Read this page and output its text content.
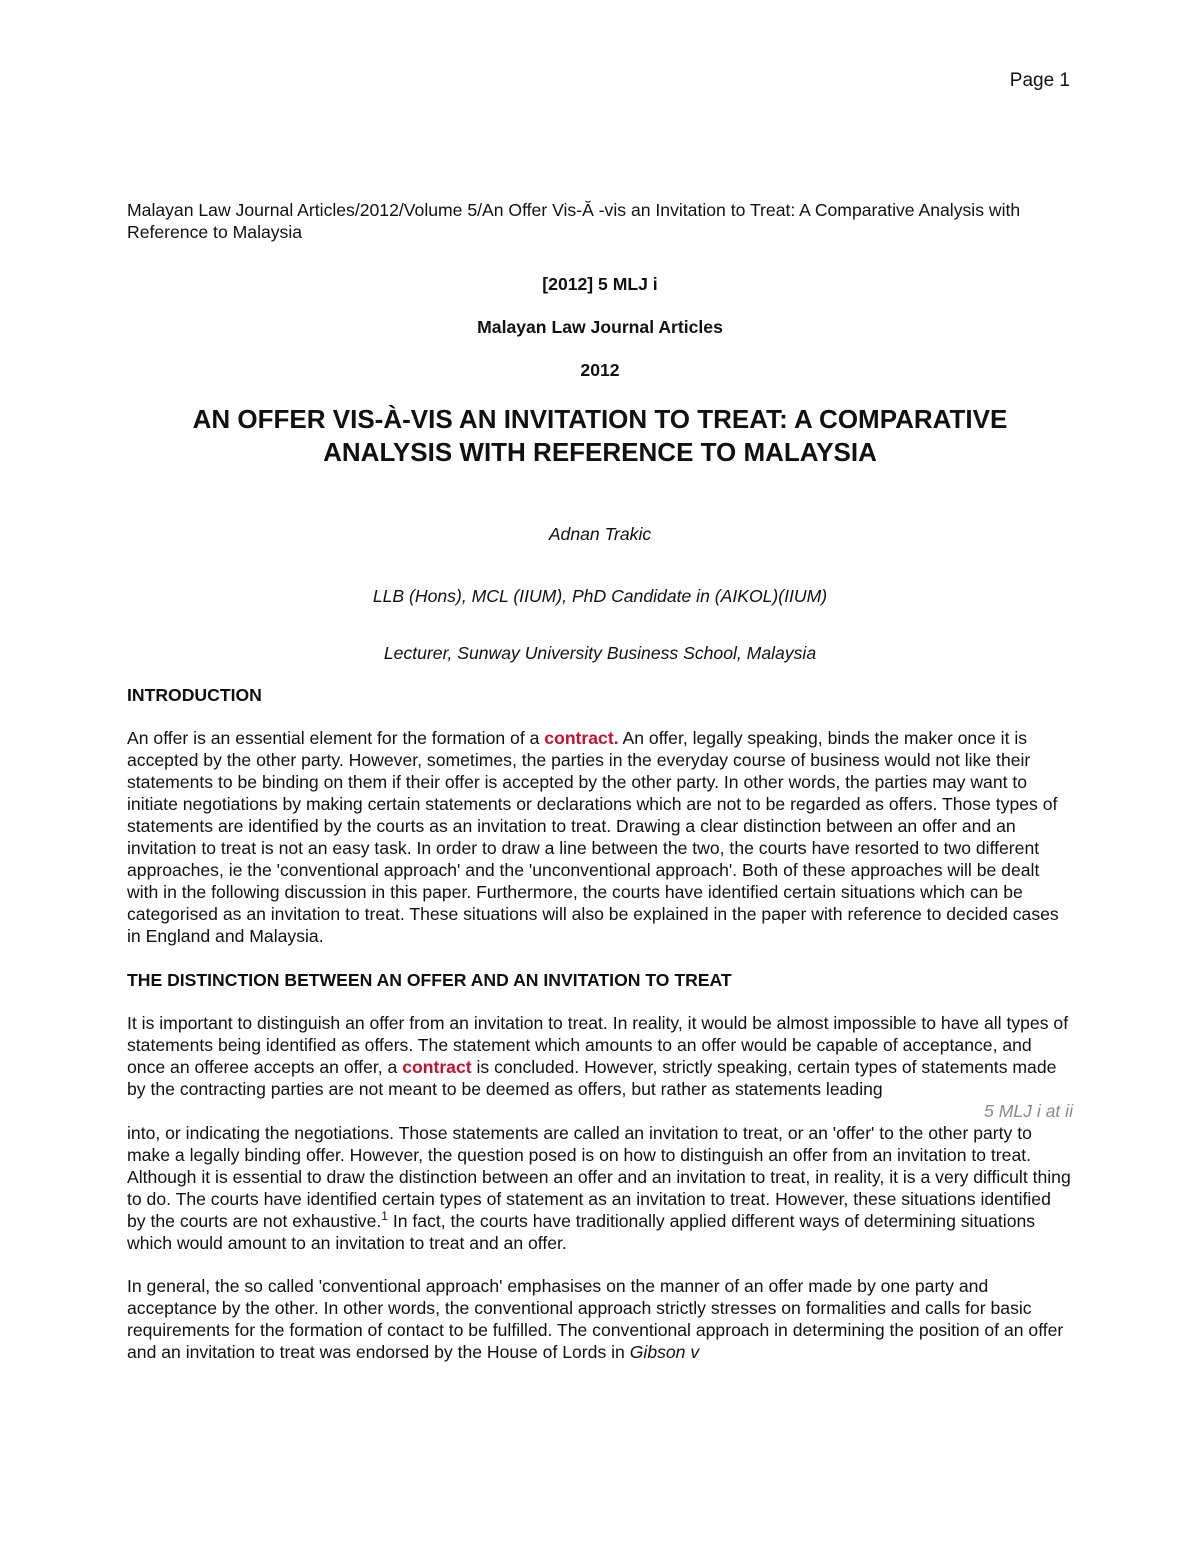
Page 1

Malayan Law Journal Articles/2012/Volume 5/An Offer Vis-Ă -vis an Invitation to Treat: A Comparative Analysis with Reference to Malaysia

[2012] 5 MLJ i

Malayan Law Journal Articles

2012

AN OFFER VIS-À-VIS AN INVITATION TO TREAT: A COMPARATIVE
ANALYSIS WITH REFERENCE TO MALAYSIA

Adnan Trakic

LLB (Hons), MCL (IIUM), PhD Candidate in (AIKOL)(IIUM)

Lecturer, Sunway University Business School, Malaysia

INTRODUCTION

An offer is an essential element for the formation of a contract. An offer, legally speaking, binds the maker once it is accepted by the other party. However, sometimes, the parties in the everyday course of business would not like their statements to be binding on them if their offer is accepted by the other party. In other words, the parties may want to initiate negotiations by making certain statements or declarations which are not to be regarded as offers. Those types of statements are identified by the courts as an invitation to treat. Drawing a clear distinction between an offer and an invitation to treat is not an easy task. In order to draw a line between the two, the courts have resorted to two different approaches, ie the 'conventional approach' and the 'unconventional approach'. Both of these approaches will be dealt with in the following discussion in this paper. Furthermore, the courts have identified certain situations which can be categorised as an invitation to treat. These situations will also be explained in the paper with reference to decided cases in England and Malaysia.

THE DISTINCTION BETWEEN AN OFFER AND AN INVITATION TO TREAT

It is important to distinguish an offer from an invitation to treat. In reality, it would be almost impossible to have all types of statements being identified as offers. The statement which amounts to an offer would be capable of acceptance, and once an offeree accepts an offer, a contract is concluded. However, strictly speaking, certain types of statements made by the contracting parties are not meant to be deemed as offers, but rather as statements leading

5 MLJ i at ii

into, or indicating the negotiations. Those statements are called an invitation to treat, or an 'offer' to the other party to make a legally binding offer. However, the question posed is on how to distinguish an offer from an invitation to treat. Although it is essential to draw the distinction between an offer and an invitation to treat, in reality, it is a very difficult thing to do. The courts have identified certain types of statement as an invitation to treat. However, these situations identified by the courts are not exhaustive.$^1$ In fact, the courts have traditionally applied different ways of determining situations which would amount to an invitation to treat and an offer.

In general, the so called 'conventional approach' emphasises on the manner of an offer made by one party and acceptance by the other. In other words, the conventional approach strictly stresses on formalities and calls for basic requirements for the formation of contact to be fulfilled. The conventional approach in determining the position of an offer and an invitation to treat was endorsed by the House of Lords in Gibson v
